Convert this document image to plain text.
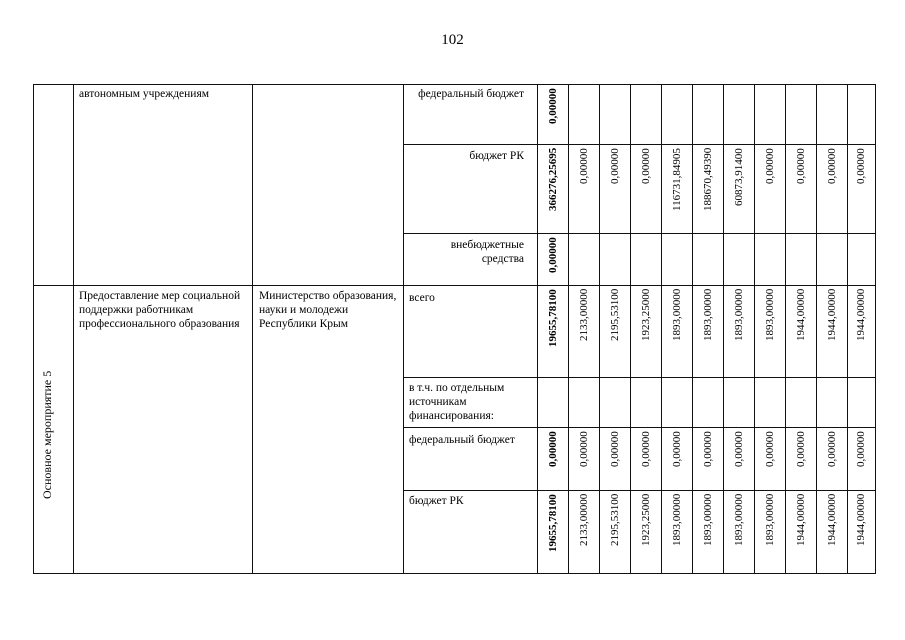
102
автономным учреждениям	федеральный бюджет
бюджет РК
внебюджетные средства
Основное мероприятие 5
Предоставление мер социальной поддержки работникам профессионального образования
Министерство образования, науки и молодежи Республики Крым
всего
в т.ч. по отдельным источникам финансирования:
федеральный бюджет
бюджет РК
0,00000
366276,25695 0,00000 0,00000 0,00000 116731,84905 188670,49390 60873,91400 0,00000 0,00000 0,00000 0,00000
0,00000
19655,78100 2133,00000 2195,53100 1923,25000 1893,00000 1893,00000 1893,00000 1893,00000 1944,00000 1944,00000 1944,00000
0,00000 0,00000 0,00000 0,00000 0,00000 0,00000 0,00000 0,00000 0,00000 0,00000 0,00000
19655,78100 2133,00000 2195,53100 1923,25000 1893,00000 1893,00000 1893,00000 1893,00000 1944,00000 1944,00000 1944,00000
